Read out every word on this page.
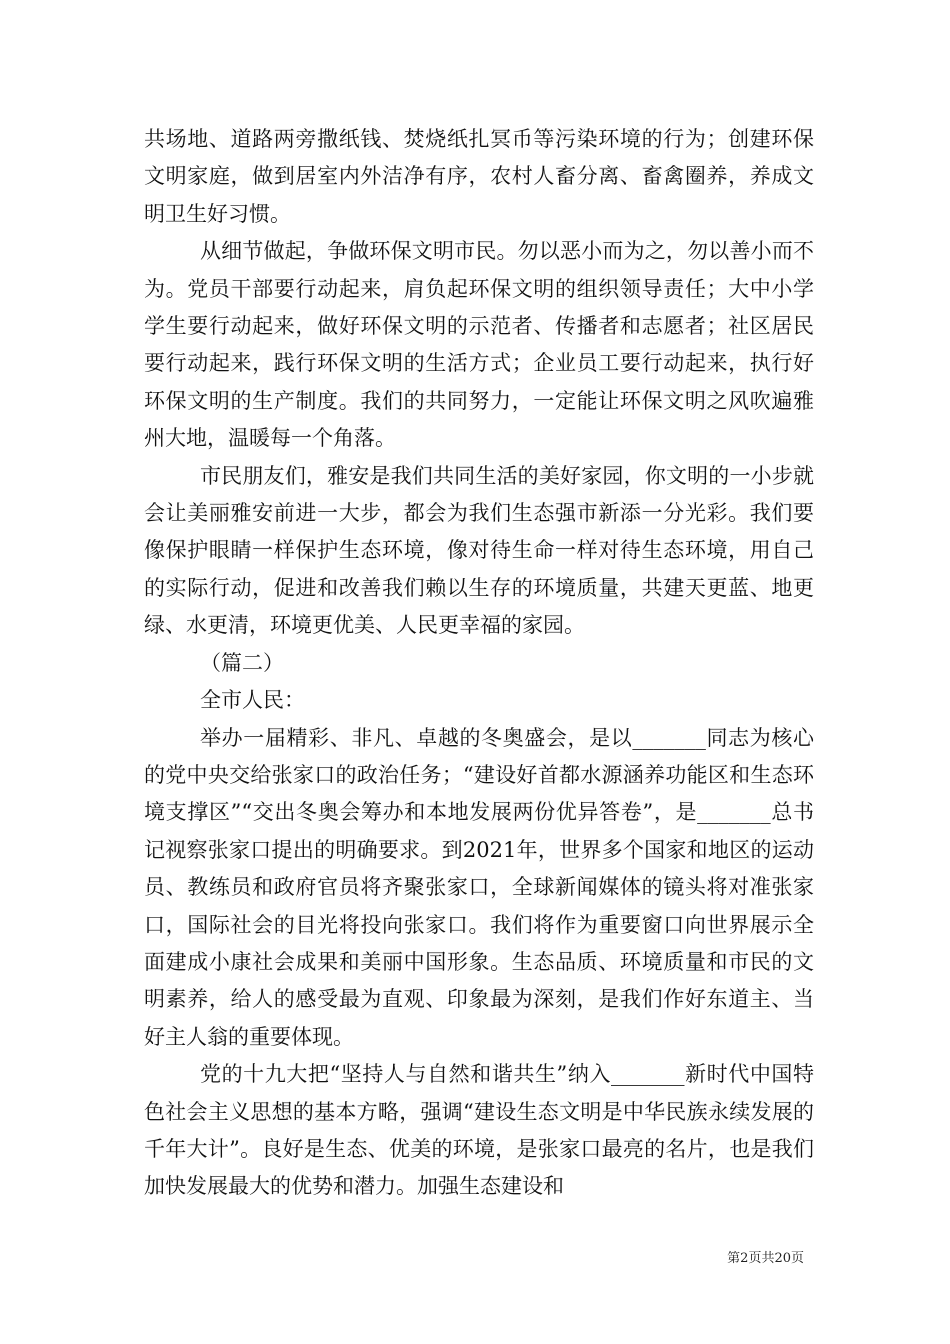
共场地、道路两旁撒纸钱、焚烧纸扎冥币等污染环境的行为；创建环保文明家庭，做到居室内外洁净有序，农村人畜分离、畜禽圈养，养成文明卫生好习惯。

从细节做起，争做环保文明市民。勿以恶小而为之，勿以善小而不为。党员干部要行动起来，肩负起环保文明的组织领导责任；大中小学学生要行动起来，做好环保文明的示范者、传播者和志愿者；社区居民要行动起来，践行环保文明的生活方式；企业员工要行动起来，执行好环保文明的生产制度。我们的共同努力，一定能让环保文明之风吹遍雅州大地，温暖每一个角落。

市民朋友们，雅安是我们共同生活的美好家园，你文明的一小步就会让美丽雅安前进一大步，都会为我们生态强市新添一分光彩。我们要像保护眼睛一样保护生态环境，像对待生命一样对待生态环境，用自己的实际行动，促进和改善我们赖以生存的环境质量，共建天更蓝、地更绿、水更清，环境更优美、人民更幸福的家园。

（篇二）

全市人民：

举办一届精彩、非凡、卓越的冬奥盛会，是以_______同志为核心的党中央交给张家口的政治任务；“建设好首都水源涵养功能区和生态环境支撑区”“交出冬奥会筹办和本地发展两份优异答卷”，是_______总书记视察张家口提出的明确要求。到2021年，世界多个国家和地区的运动员、教练员和政府官员将齐聚张家口，全球新闻媒体的镜头将对准张家口，国际社会的目光将投向张家口。我们将作为重要窗口向世界展示全面建成小康社会成果和美丽中国形象。生态品质、环境质量和市民的文明素养，给人的感受最为直观、印象最为深刻，是我们作好东道主、当好主人翁的重要体现。

党的十九大把“坚持人与自然和谐共生”纳入_______新时代中国特色社会主义思想的基本方略，强调“建设生态文明是中华民族永续发展的千年大计”。良好是生态、优美的环境，是张家口最亮的名片，也是我们加快发展最大的优势和潜力。加强生态建设和

第2页共20页
